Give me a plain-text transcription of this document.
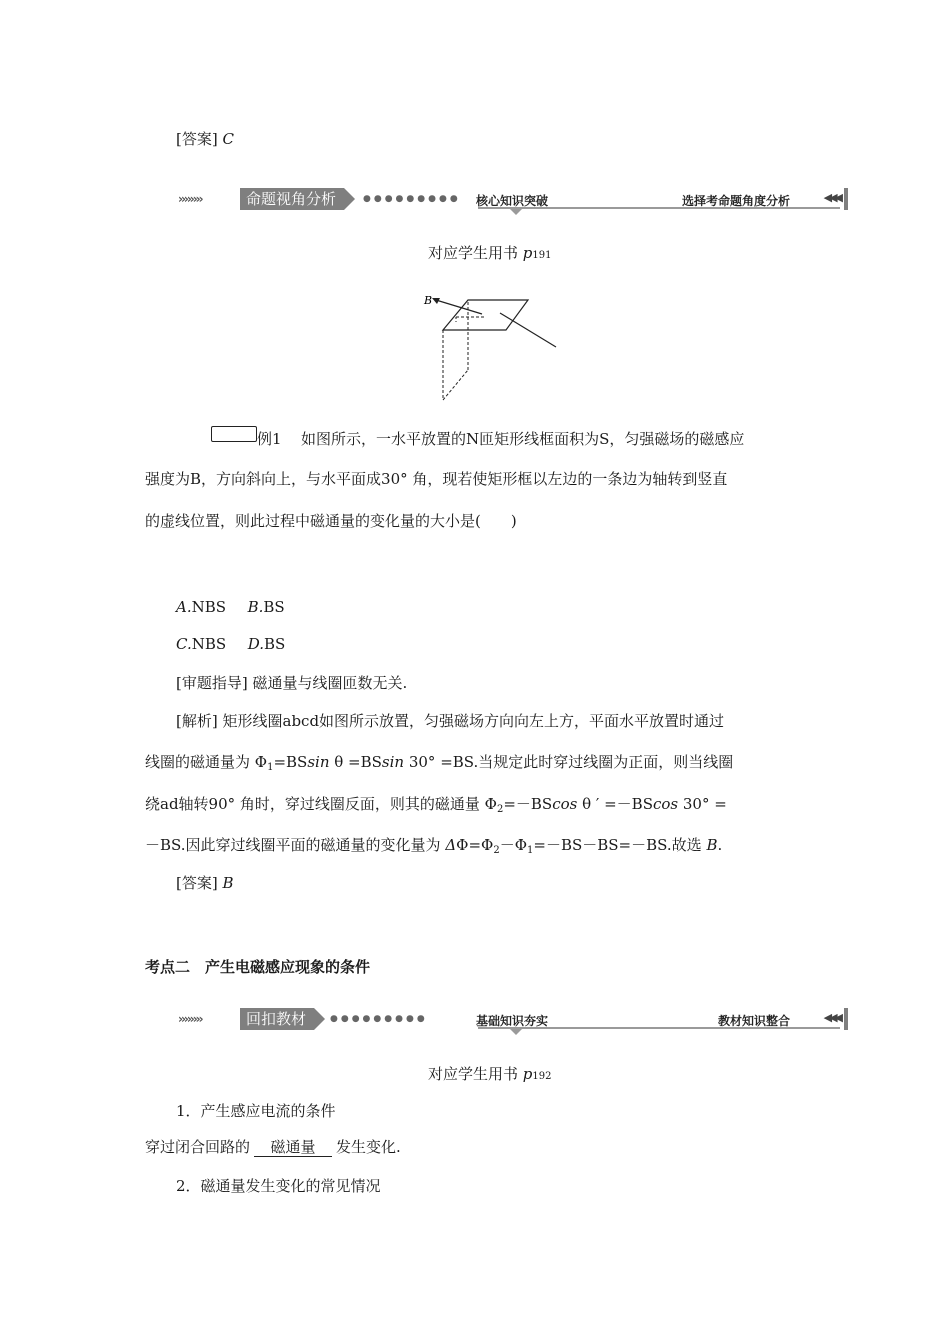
[答案] C
››››››››	命题视角分析	●●●●●●●●● 核心知识突破	选择考命题角度分析	◀◀◀
对应学生用书 p191
B
例1 如图所示，一水平放置的N匝矩形线框面积为S，匀强磁场的磁感应
强度为B，方向斜向上，与水平面成30° 角，现若使矩形框以左边的一条边为轴转到竖直
的虚线位置，则此过程中磁通量的变化量的大小是(　　)
A.NBS B.BS
C.NBS D.BS
[审题指导] 磁通量与线圈匝数无关.
[解析] 矩形线圈abcd如图所示放置，匀强磁场方向向左上方，平面水平放置时通过
线圈的磁通量为 $\Phi_1=BSsin$ θ =BSsin 30° =BS.当规定此时穿过线圈为正面，则当线圈
绕ad轴转90° 角时，穿过线圈反面，则其的磁通量 $\Phi_2=-BScos$ θ ′ =－BScos 30° =
－BS.因此穿过线圈平面的磁通量的变化量为 $\Delta\Phi=\Phi_2-\Phi_1=-BS-BS=-BS$.故选 B.
[答案] B
考点二　产生电磁感应现象的条件
››››››››	回扣教材	●●●●●●●●●	基础知识夯实	教材知识整合	◀◀◀
对应学生用书 p192
1．产生感应电流的条件
穿过闭合回路的 磁通量 发生变化.
2．磁通量发生变化的常见情况
